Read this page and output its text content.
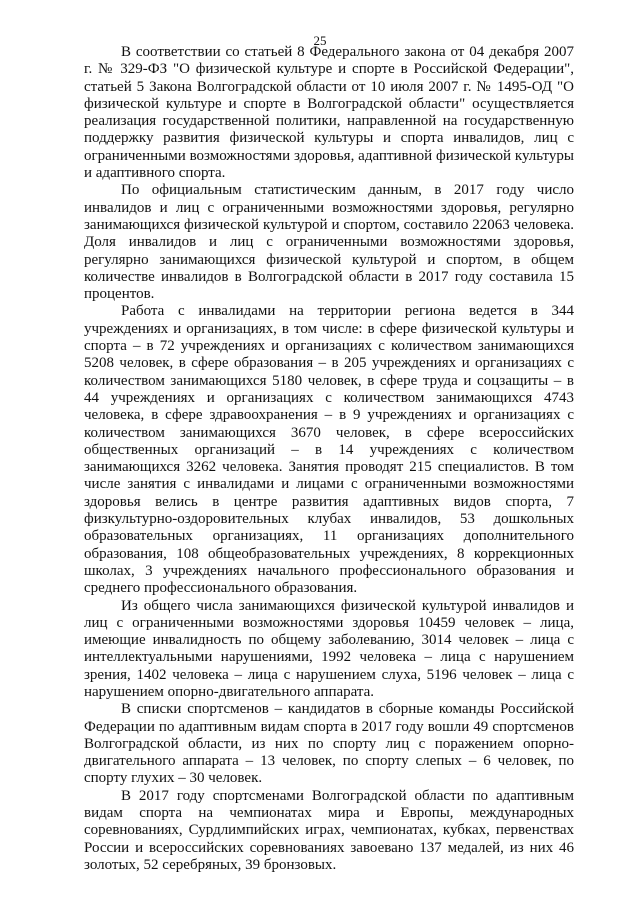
25

В соответствии со статьей 8 Федерального закона от 04 декабря 2007 г. № 329-ФЗ "О физической культуре и спорте в Российской Федерации", статьей 5 Закона Волгоградской области от 10 июля 2007 г. № 1495-ОД "О физической культуре и спорте в Волгоградской области" осуществляется реализация государственной политики, направленной на государственную поддержку развития физической культуры и спорта инвалидов, лиц с ограниченными возможностями здоровья, адаптивной физической культуры и адаптивного спорта.

По официальным статистическим данным, в 2017 году число инвалидов и лиц с ограниченными возможностями здоровья, регулярно занимающихся физической культурой и спортом, составило 22063 человека. Доля инвалидов и лиц с ограниченными возможностями здоровья, регулярно занимающихся физической культурой и спортом, в общем количестве инвалидов в Волгоградской области в 2017 году составила 15 процентов.

Работа с инвалидами на территории региона ведется в 344 учреждениях и организациях, в том числе: в сфере физической культуры и спорта – в 72 учреждениях и организациях с количеством занимающихся 5208 человек, в сфере образования – в 205 учреждениях и организациях с количеством занимающихся 5180 человек, в сфере труда и соцзащиты – в 44 учреждениях и организациях с количеством занимающихся 4743 человека, в сфере здравоохранения – в 9 учреждениях и организациях с количеством занимающихся 3670 человек, в сфере всероссийских общественных организаций – в 14 учреждениях с количеством занимающихся 3262 человека. Занятия проводят 215 специалистов. В том числе занятия с инвалидами и лицами с ограниченными возможностями здоровья велись в центре развития адаптивных видов спорта, 7 физкультурно-оздоровительных клубах инвалидов, 53 дошкольных образовательных организациях, 11 организациях дополнительного образования, 108 общеобразовательных учреждениях, 8 коррекционных школах, 3 учреждениях начального профессионального образования и среднего профессионального образования.

Из общего числа занимающихся физической культурой инвалидов и лиц с ограниченными возможностями здоровья 10459 человек – лица, имеющие инвалидность по общему заболеванию, 3014 человек – лица с интеллектуальными нарушениями, 1992 человека – лица с нарушением зрения, 1402 человека – лица с нарушением слуха, 5196 человек – лица с нарушением опорно-двигательного аппарата.

В списки спортсменов – кандидатов в сборные команды Российской Федерации по адаптивным видам спорта в 2017 году вошли 49 спортсменов Волгоградской области, из них по спорту лиц с поражением опорно-двигательного аппарата – 13 человек, по спорту слепых – 6 человек, по спорту глухих – 30 человек.

В 2017 году спортсменами Волгоградской области по адаптивным видам спорта на чемпионатах мира и Европы, международных соревнованиях, Сурдлимпийских играх, чемпионатах, кубках, первенствах России и всероссийских соревнованиях завоевано 137 медалей, из них 46 золотых, 52 серебряных, 39 бронзовых.
